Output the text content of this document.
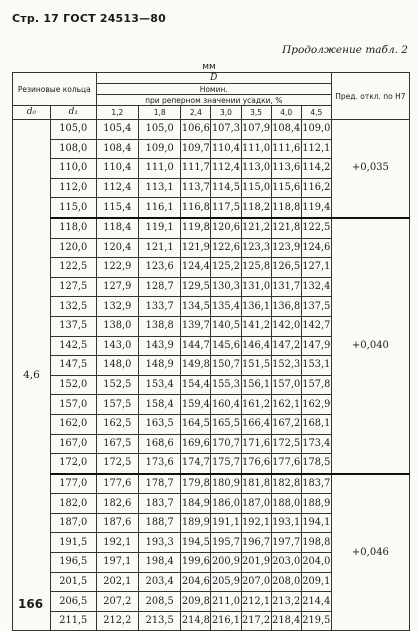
Стр. 17 ГОСТ 24513—80
Продолжение табл. 2
мм
Резиновые кольца		D							Пред. откл. по H7
		Номин.							
		при реперном значении усадки, %							
d₀	d₁	1,2	1,8	2,4	3,0	3,5	4,0	4,5	
4,6	105,0	105,4	105,0	106,6	107,3	107,9	108,4	109,0	+0,035
	108,0	108,4	109,0	109,7	110,4	111,0	111,6	112,1	
	110,0	110,4	111,0	111,7	112,4	113,0	113,6	114,2	
	112,0	112,4	113,1	113,7	114,5	115,0	115,6	116,2	
	115,0	115,4	116,1	116,8	117,5	118,2	118,8	119,4	
	118,0	118,4	119,1	119,8	120,6	121,2	121,8	122,5	+0,040
	120,0	120,4	121,1	121,9	122,6	123,3	123,9	124,6	
	122,5	122,9	123,6	124,4	125,2	125,8	126,5	127,1	
	127,5	127,9	128,7	129,5	130,3	131,0	131,7	132,4	
	132,5	132,9	133,7	134,5	135,4	136,1	136,8	137,5	
	137,5	138,0	138,8	139,7	140,5	141,2	142,0	142,7	
	142,5	143,0	143,9	144,7	145,6	146,4	147,2	147,9	
	147,5	148,0	148,9	149,8	150,7	151,5	152,3	153,1	
	152,0	152,5	153,4	154,4	155,3	156,1	157,0	157,8	
	157,0	157,5	158,4	159,4	160,4	161,2	162,1	162,9	
	162,0	162,5	163,5	164,5	165,5	166,4	167,2	168,1	
	167,0	167,5	168,6	169,6	170,7	171,6	172,5	173,4	
	172,0	172,5	173,6	174,7	175,7	176,6	177,6	178,5	
	177,0	177,6	178,7	179,8	180,9	181,8	182,8	183,7	+0,046
	182,0	182,6	183,7	184,9	186,0	187,0	188,0	188,9	
	187,0	187,6	188,7	189,9	191,1	192,1	193,1	194,1	
	191,5	192,1	193,3	194,5	195,7	196,7	197,7	198,8	
	196,5	197,1	198,4	199,6	200,9	201,9	203,0	204,0	
	201,5	202,1	203,4	204,6	205,9	207,0	208,0	209,1	
	206,5	207,2	208,5	209,8	211,0	212,1	213,2	214,4	
	211,5	212,2	213,5	214,8	216,1	217,2	218,4	219,5	
166
